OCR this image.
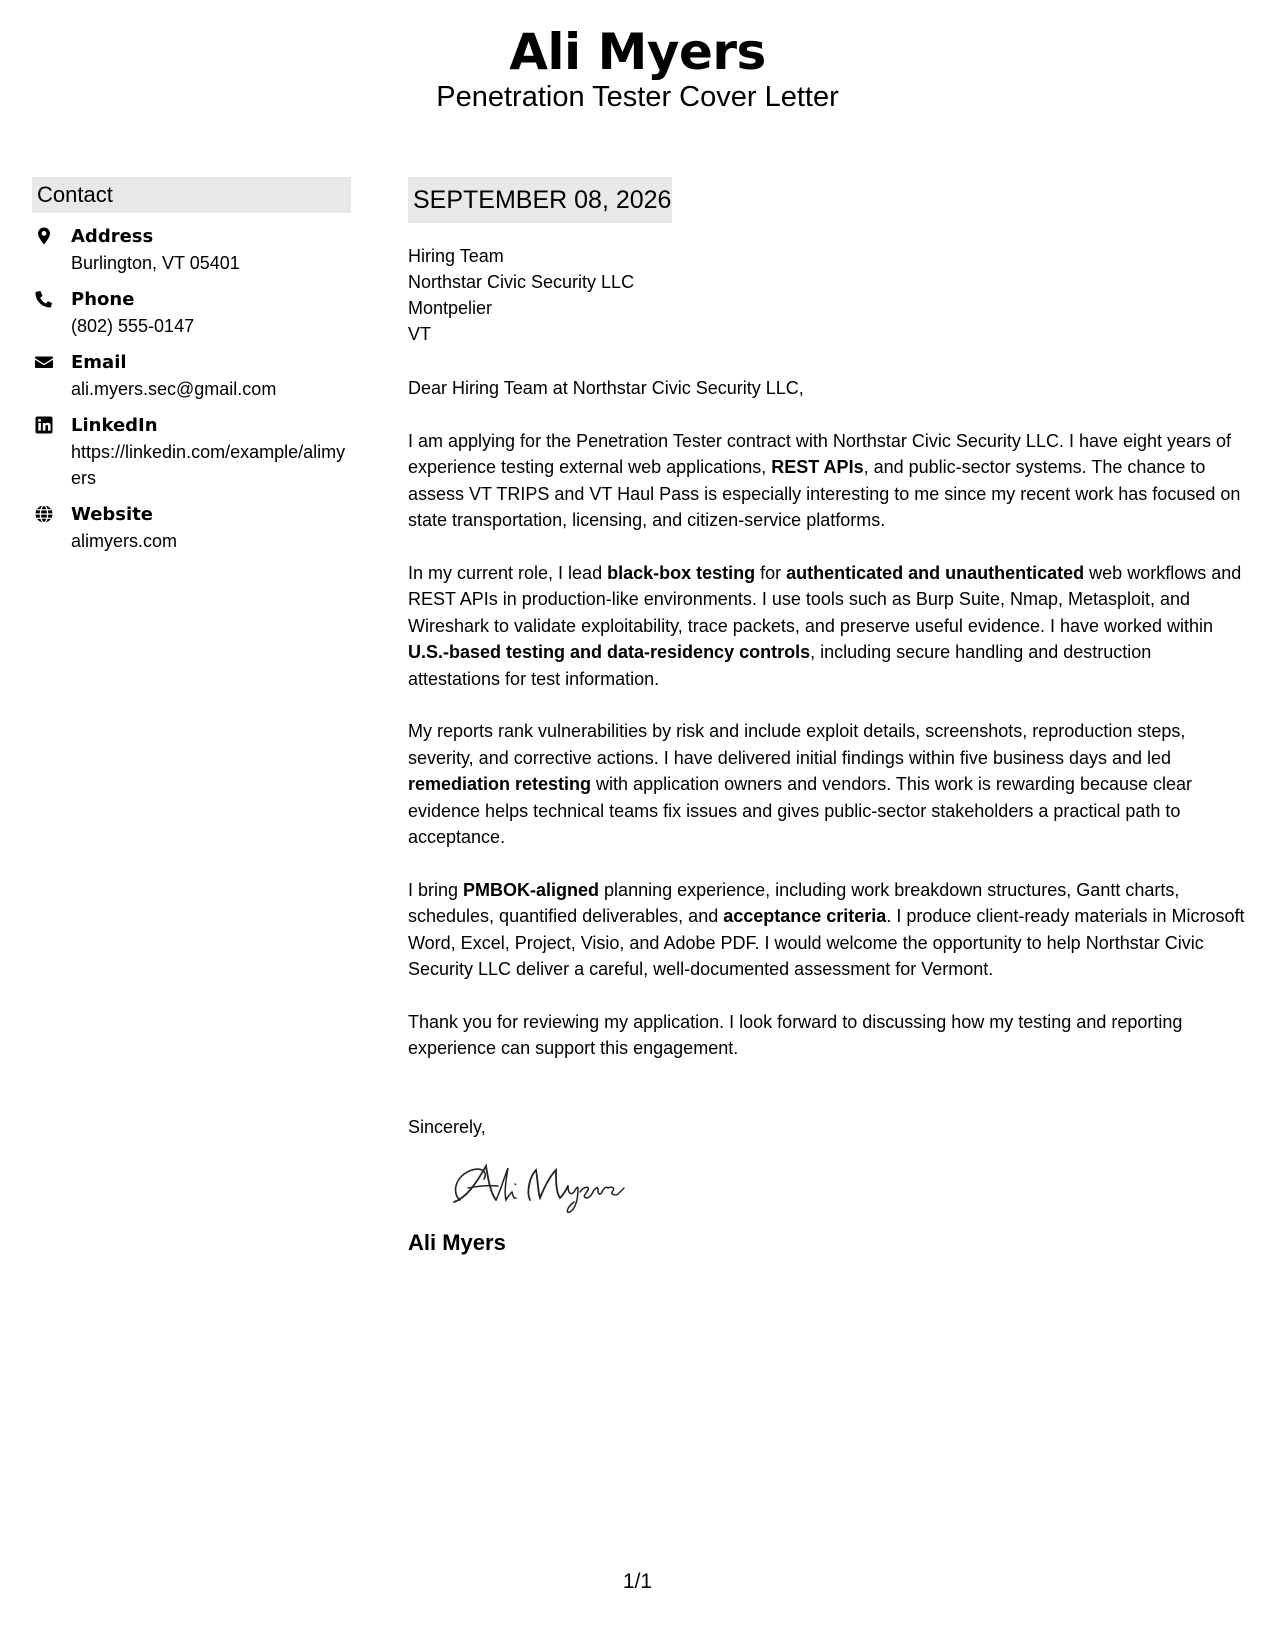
Ali Myers
Penetration Tester Cover Letter
Contact
Address
Burlington, VT 05401
Phone
(802) 555-0147
Email
ali.myers.sec@gmail.com
LinkedIn
https://linkedin.com/example/alimyers
Website
alimyers.com
SEPTEMBER 08, 2026
Hiring Team
Northstar Civic Security LLC
Montpelier
VT
Dear Hiring Team at Northstar Civic Security LLC,
I am applying for the Penetration Tester contract with Northstar Civic Security LLC. I have eight years of experience testing external web applications, REST APIs, and public-sector systems. The chance to assess VT TRIPS and VT Haul Pass is especially interesting to me since my recent work has focused on state transportation, licensing, and citizen-service platforms.
In my current role, I lead black-box testing for authenticated and unauthenticated web workflows and REST APIs in production-like environments. I use tools such as Burp Suite, Nmap, Metasploit, and Wireshark to validate exploitability, trace packets, and preserve useful evidence. I have worked within U.S.-based testing and data-residency controls, including secure handling and destruction attestations for test information.
My reports rank vulnerabilities by risk and include exploit details, screenshots, reproduction steps, severity, and corrective actions. I have delivered initial findings within five business days and led remediation retesting with application owners and vendors. This work is rewarding because clear evidence helps technical teams fix issues and gives public-sector stakeholders a practical path to acceptance.
I bring PMBOK-aligned planning experience, including work breakdown structures, Gantt charts, schedules, quantified deliverables, and acceptance criteria. I produce client-ready materials in Microsoft Word, Excel, Project, Visio, and Adobe PDF. I would welcome the opportunity to help Northstar Civic Security LLC deliver a careful, well-documented assessment for Vermont.
Thank you for reviewing my application. I look forward to discussing how my testing and reporting experience can support this engagement.
Sincerely,
Ali Myers
1/1
